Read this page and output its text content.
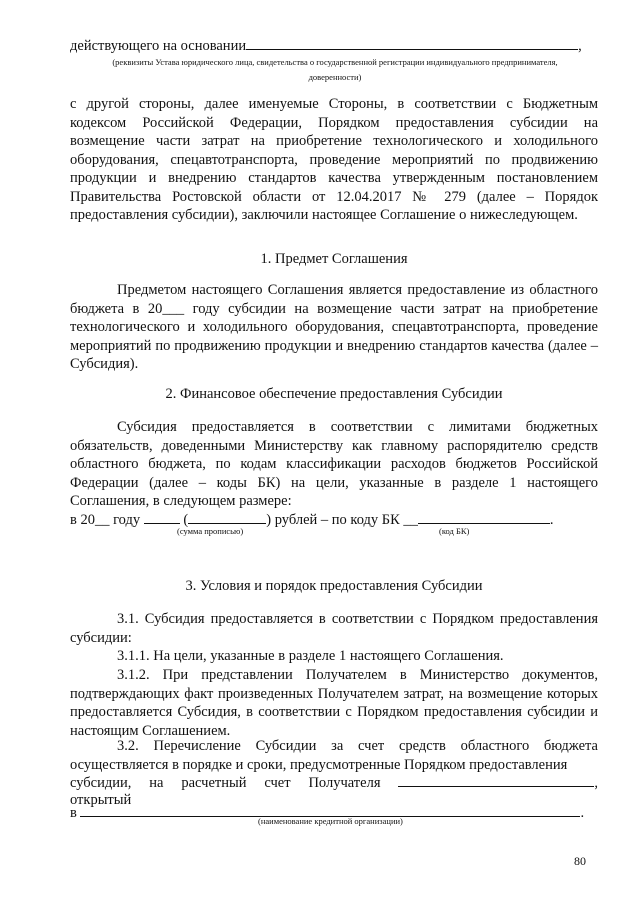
действующего на основании	,
(реквизиты Устава юридического лица, свидетельства о государственной регистрации индивидуального предпринимателя,
доверенности)
с другой стороны, далее именуемые Стороны, в соответствии с Бюджетным кодексом Российской Федерации, Порядком предоставления субсидии на возмещение части затрат на приобретение технологического и холодильного оборудования, спецавтотранспорта, проведение мероприятий по продвижению продукции и внедрению стандартов качества утвержденным постановлением Правительства Ростовской области от 12.04.2017 № 279 (далее – Порядок предоставления субсидии), заключили настоящее Соглашение о нижеследующем.
1. Предмет Соглашения
Предметом настоящего Соглашения является предоставление из областного бюджета в 20___ году субсидии на возмещение части затрат на приобретение технологического и холодильного оборудования, спецавтотранспорта, проведение мероприятий по продвижению продукции и внедрению стандартов качества (далее – Субсидия).
2. Финансовое обеспечение предоставления Субсидии
Субсидия предоставляется в соответствии с лимитами бюджетных обязательств, доведенными Министерству как главному распорядителю средств областного бюджета, по кодам классификации расходов бюджетов Российской Федерации (далее – коды БК) на цели, указанные в разделе 1 настоящего Соглашения, в следующем размере:
в 20__ году	(	) рублей – по коду БК __	.
(сумма прописью)	(код БК)
3. Условия и порядок предоставления Субсидии
3.1. Субсидия предоставляется в соответствии с Порядком предоставления субсидии:
3.1.1. На цели, указанные в разделе 1 настоящего Соглашения.
3.1.2. При представлении Получателем в Министерство документов, подтверждающих факт произведенных Получателем затрат, на возмещение которых предоставляется Субсидия, в соответствии с Порядком предоставления субсидии и настоящим Соглашением.
3.2. Перечисление Субсидии за счет средств областного бюджета осуществляется в порядке и сроки, предусмотренные Порядком предоставления
субсидии, на расчетный счет Получателя	,
открытый
в	.
(наименование кредитной организации)
80
